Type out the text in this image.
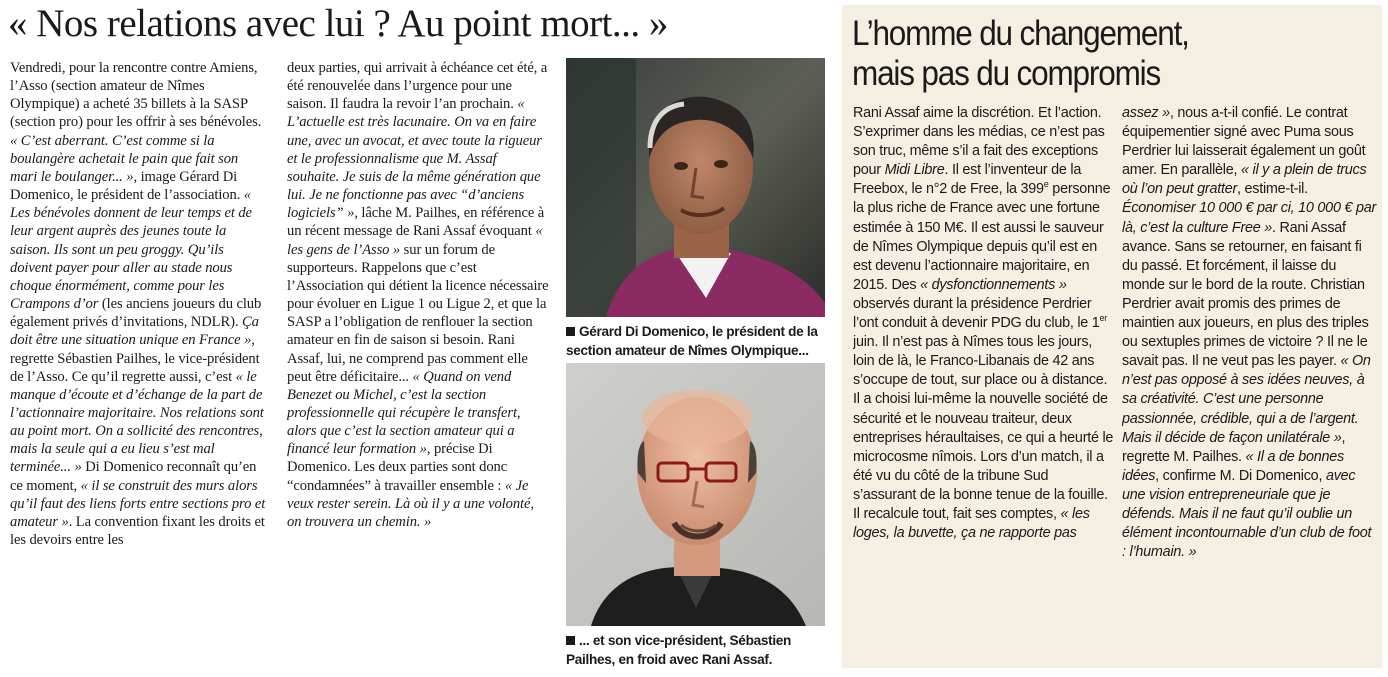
« Nos relations avec lui ? Au point mort... »

Vendredi, pour la rencontre contre Amiens, l’Asso (section amateur de Nîmes Olympique) a acheté 35 billets à la SASP (section pro) pour les offrir à ses bénévoles. « C’est aberrant. C’est comme si la boulangère achetait le pain que fait son mari le boulanger... », image Gérard Di Domenico, le président de l’association. « Les bénévoles donnent de leur temps et de leur argent auprès des jeunes toute la saison. Ils sont un peu groggy. Qu’ils doivent payer pour aller au stade nous choque énormément, comme pour les Crampons d’or (les anciens joueurs du club également privés d’invitations, NDLR). Ça doit être une situation unique en France », regrette Sébastien Pailhes, le vice-président de l’Asso. Ce qu’il regrette aussi, c’est « le manque d’écoute et d’échange de la part de l’actionnaire majoritaire. Nos relations sont au point mort. On a sollicité des rencontres, mais la seule qui a eu lieu s’est mal terminée... » Di Domenico reconnaît qu’en ce moment, « il se construit des murs alors qu’il faut des liens forts entre sections pro et amateur ». La convention fixant les droits et les devoirs entre les

deux parties, qui arrivait à échéance cet été, a été renouvelée dans l’urgence pour une saison. Il faudra la revoir l’an prochain. « L’actuelle est très lacunaire. On va en faire une, avec un avocat, et avec toute la rigueur et le professionnalisme que M. Assaf souhaite. Je suis de la même génération que lui. Je ne fonctionne pas avec “d’anciens logiciels” », lâche M. Pailhes, en référence à un récent message de Rani Assaf évoquant « les gens de l’Asso » sur un forum de supporteurs. Rappelons que c’est l’Association qui détient la licence nécessaire pour évoluer en Ligue 1 ou Ligue 2, et que la SASP a l’obligation de renflouer la section amateur en fin de saison si besoin. Rani Assaf, lui, ne comprend pas comment elle peut être déficitaire... « Quand on vend Benezet ou Michel, c’est la section professionnelle qui récupère le transfert, alors que c’est la section amateur qui a financé leur formation », précise Di Domenico. Les deux parties sont donc “condamnées” à travailler ensemble : « Je veux rester serein. Là où il y a une volonté, on trouvera un chemin. »

Gérard Di Domenico, le président de la section amateur de Nîmes Olympique...
... et son vice-président, Sébastien Pailhes, en froid avec Rani Assaf.
L’homme du changement,
mais pas du compromis

Rani Assaf aime la discrétion. Et l’action. S’exprimer dans les médias, ce n’est pas son truc, même s’il a fait des exceptions pour Midi Libre. Il est l’inventeur de la Freebox, le n°2 de Free, la 399e personne la plus riche de France avec une fortune estimée à 150 M€. Il est aussi le sauveur de Nîmes Olympique depuis qu’il est en est devenu l’actionnaire majoritaire, en 2015. Des « dysfonctionnements » observés durant la présidence Perdrier l’ont conduit à devenir PDG du club, le 1er juin. Il n’est pas à Nîmes tous les jours, loin de là, le Franco-Libanais de 42 ans s’occupe de tout, sur place ou à distance. Il a choisi lui-même la nouvelle société de sécurité et le nouveau traiteur, deux entreprises héraultaises, ce qui a heurté le microcosme nîmois. Lors d’un match, il a été vu du côté de la tribune Sud s’assurant de la bonne tenue de la fouille. Il recalcule tout, fait ses comptes, « les loges, la buvette, ça ne rapporte pas

assez », nous a-t-il confié. Le contrat équipementier signé avec Puma sous Perdrier lui laisserait également un goût amer. En parallèle, « il y a plein de trucs où l’on peut gratter, estime-t-il. Économiser 10 000 € par ci, 10 000 € par là, c’est la culture Free ». Rani Assaf avance. Sans se retourner, en faisant fi du passé. Et forcément, il laisse du monde sur le bord de la route. Christian Perdrier avait promis des primes de maintien aux joueurs, en plus des triples ou sextuples primes de victoire ? Il ne le savait pas. Il ne veut pas les payer. « On n’est pas opposé à ses idées neuves, à sa créativité. C’est une personne passionnée, crédible, qui a de l’argent. Mais il décide de façon unilatérale », regrette M. Pailhes. « Il a de bonnes idées, confirme M. Di Domenico, avec une vision entrepreneuriale que je défends. Mais il ne faut qu’il oublie un élément incontournable d’un club de foot : l’humain. »
